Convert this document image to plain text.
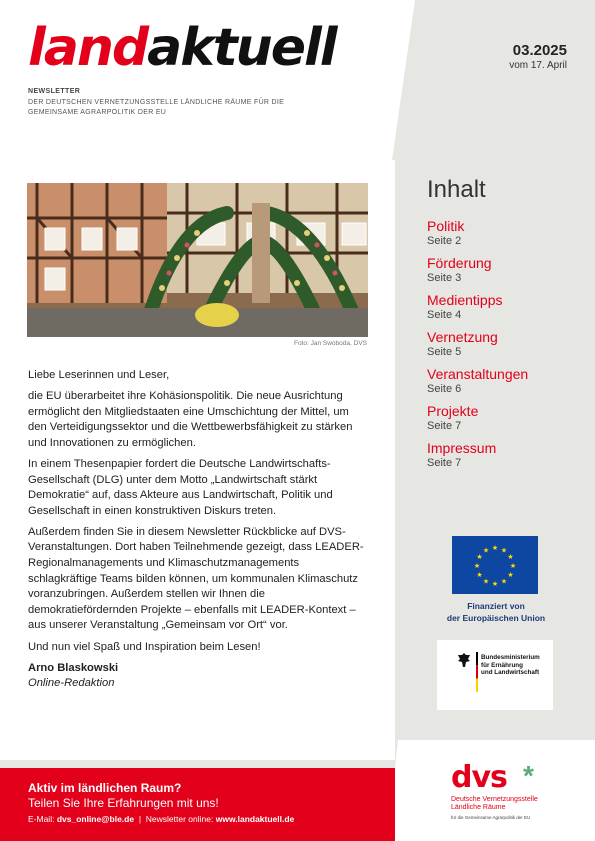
landaktuell	03.2025
vom 17. April
NEWSLETTER
DER DEUTSCHEN VERNETZUNGSSTELLE LÄNDLICHE RÄUME FÜR DIE GEMEINSAME AGRARPOLITIK DER EU
Foto: Jan Swoboda, DVS

Liebe Leserinnen und Leser,

die EU überarbeitet ihre Kohäsionspolitik. Die neue Ausrichtung ermöglicht den Mitgliedstaaten eine Umschichtung der Mittel, um den Verteidigungssektor und die Wettbewerbsfähigkeit zu stärken und Innovationen zu ermöglichen.

In einem Thesenpapier fordert die Deutsche Landwirtschafts-Gesellschaft (DLG) unter dem Motto „Landwirtschaft stärkt Demokratie“ auf, dass Akteure aus Landwirtschaft, Politik und Gesellschaft in einen konstruktiven Diskurs treten.

Außerdem finden Sie in diesem Newsletter Rückblicke auf DVS-Veranstaltungen. Dort haben Teilnehmende gezeigt, dass LEADER-Regionalmanagements und Klimaschutzmanagements schlagkräftige Teams bilden können, um kommunalen Klimaschutz voranzubringen. Außerdem stellen wir Ihnen die demokratiefördernden Projekte – ebenfalls mit LEADER-Kontext – aus unserer Veranstaltung „Gemeinsam vor Ort“ vor.

Und nun viel Spaß und Inspiration beim Lesen!

Arno Blaskowski

Online-Redaktion

Inhalt
Politik
Seite 2
Förderung
Seite 3
Medientipps
Seite 4
Vernetzung
Seite 5
Veranstaltungen
Seite 6
Projekte
Seite 7
Impressum
Seite 7
★ ★
★
★
★
★
★
★
★
★
★
★
Finanziert von
der Europäischen Union
Bundesministerium
für Ernährung
und Landwirtschaft
Aktiv im ländlichen Raum?
Teilen Sie Ihre Erfahrungen mit uns!
E-Mail: dvs_online@ble.de | Newsletter online: www.landaktuell.de
dvs *
Deutsche Vernetzungsstelle
Ländliche Räume
für die Gemeinsame Agrarpolitik der EU
